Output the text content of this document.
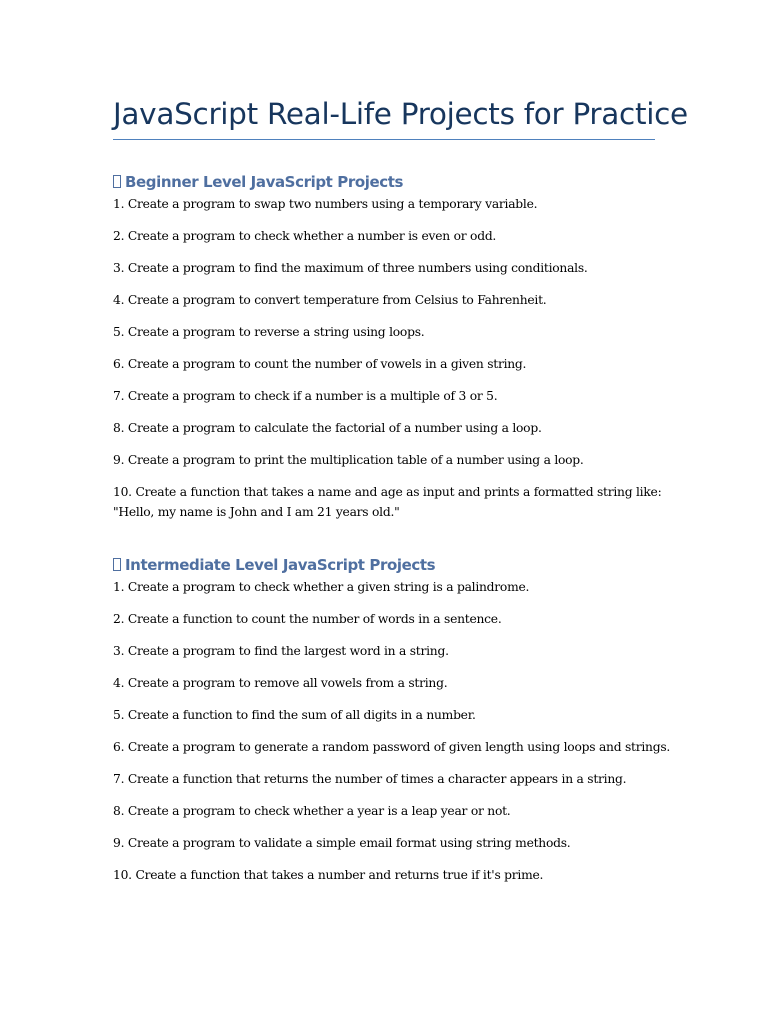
JavaScript Real-Life Projects for Practice
Beginner Level JavaScript Projects
1. Create a program to swap two numbers using a temporary variable.
2. Create a program to check whether a number is even or odd.
3. Create a program to find the maximum of three numbers using conditionals.
4. Create a program to convert temperature from Celsius to Fahrenheit.
5. Create a program to reverse a string using loops.
6. Create a program to count the number of vowels in a given string.
7. Create a program to check if a number is a multiple of 3 or 5.
8. Create a program to calculate the factorial of a number using a loop.
9. Create a program to print the multiplication table of a number using a loop.
10. Create a function that takes a name and age as input and prints a formatted string like:
"Hello, my name is John and I am 21 years old."
Intermediate Level JavaScript Projects
1. Create a program to check whether a given string is a palindrome.
2. Create a function to count the number of words in a sentence.
3. Create a program to find the largest word in a string.
4. Create a program to remove all vowels from a string.
5. Create a function to find the sum of all digits in a number.
6. Create a program to generate a random password of given length using loops and strings.
7. Create a function that returns the number of times a character appears in a string.
8. Create a program to check whether a year is a leap year or not.
9. Create a program to validate a simple email format using string methods.
10. Create a function that takes a number and returns true if it's prime.
